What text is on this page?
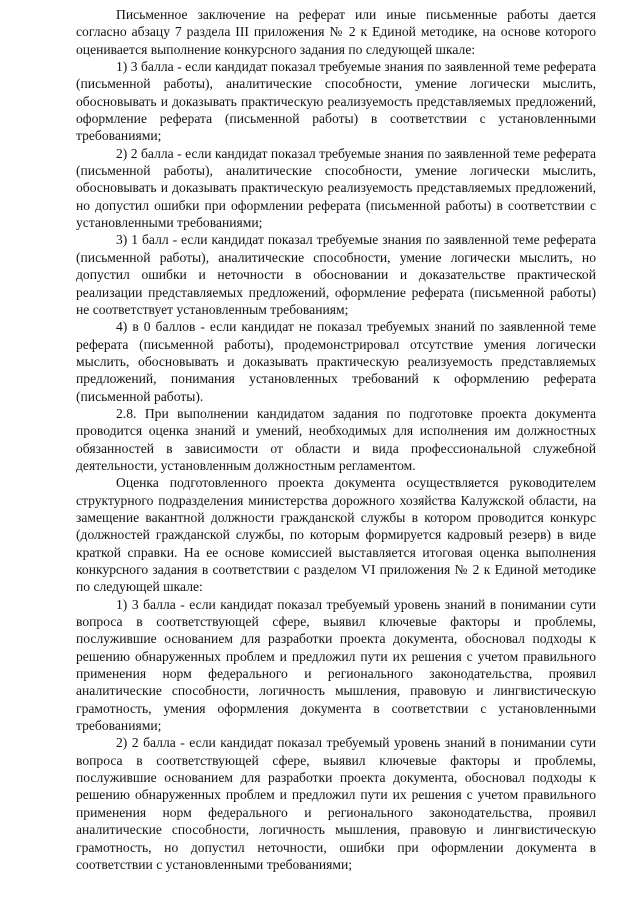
Письменное заключение на реферат или иные письменные работы дается согласно абзацу 7 раздела III приложения № 2 к Единой методике, на основе которого оценивается выполнение конкурсного задания по следующей шкале:

1) 3 балла - если кандидат показал требуемые знания по заявленной теме реферата (письменной работы), аналитические способности, умение логически мыслить, обосновывать и доказывать практическую реализуемость представляемых предложений, оформление реферата (письменной работы) в соответствии с установленными требованиями;

2) 2 балла - если кандидат показал требуемые знания по заявленной теме реферата (письменной работы), аналитические способности, умение логически мыслить, обосновывать и доказывать практическую реализуемость представляемых предложений, но допустил ошибки при оформлении реферата (письменной работы) в соответствии с установленными требованиями;

3) 1 балл - если кандидат показал требуемые знания по заявленной теме реферата (письменной работы), аналитические способности, умение логически мыслить, но допустил ошибки и неточности в обосновании и доказательстве практической реализации представляемых предложений, оформление реферата (письменной работы) не соответствует установленным требованиям;

4) в 0 баллов - если кандидат не показал требуемых знаний по заявленной теме реферата (письменной работы), продемонстрировал отсутствие умения логически мыслить, обосновывать и доказывать практическую реализуемость представляемых предложений, понимания установленных требований к оформлению реферата (письменной работы).

2.8. При выполнении кандидатом задания по подготовке проекта документа проводится оценка знаний и умений, необходимых для исполнения им должностных обязанностей в зависимости от области и вида профессиональной служебной деятельности, установленным должностным регламентом.

Оценка подготовленного проекта документа осуществляется руководителем структурного подразделения министерства дорожного хозяйства Калужской области, на замещение вакантной должности гражданской службы в котором проводится конкурс (должностей гражданской службы, по которым формируется кадровый резерв) в виде краткой справки. На ее основе комиссией выставляется итоговая оценка выполнения конкурсного задания в соответствии с разделом VI приложения № 2 к Единой методике по следующей шкале:

1) 3 балла - если кандидат показал требуемый уровень знаний в понимании сути вопроса в соответствующей сфере, выявил ключевые факторы и проблемы, послужившие основанием для разработки проекта документа, обосновал подходы к решению обнаруженных проблем и предложил пути их решения с учетом правильного применения норм федерального и регионального законодательства, проявил аналитические способности, логичность мышления, правовую и лингвистическую грамотность, умения оформления документа в соответствии с установленными требованиями;

2) 2 балла - если кандидат показал требуемый уровень знаний в понимании сути вопроса в соответствующей сфере, выявил ключевые факторы и проблемы, послужившие основанием для разработки проекта документа, обосновал подходы к решению обнаруженных проблем и предложил пути их решения с учетом правильного применения норм федерального и регионального законодательства, проявил аналитические способности, логичность мышления, правовую и лингвистическую грамотность, но допустил неточности, ошибки при оформлении документа в соответствии с установленными требованиями;
